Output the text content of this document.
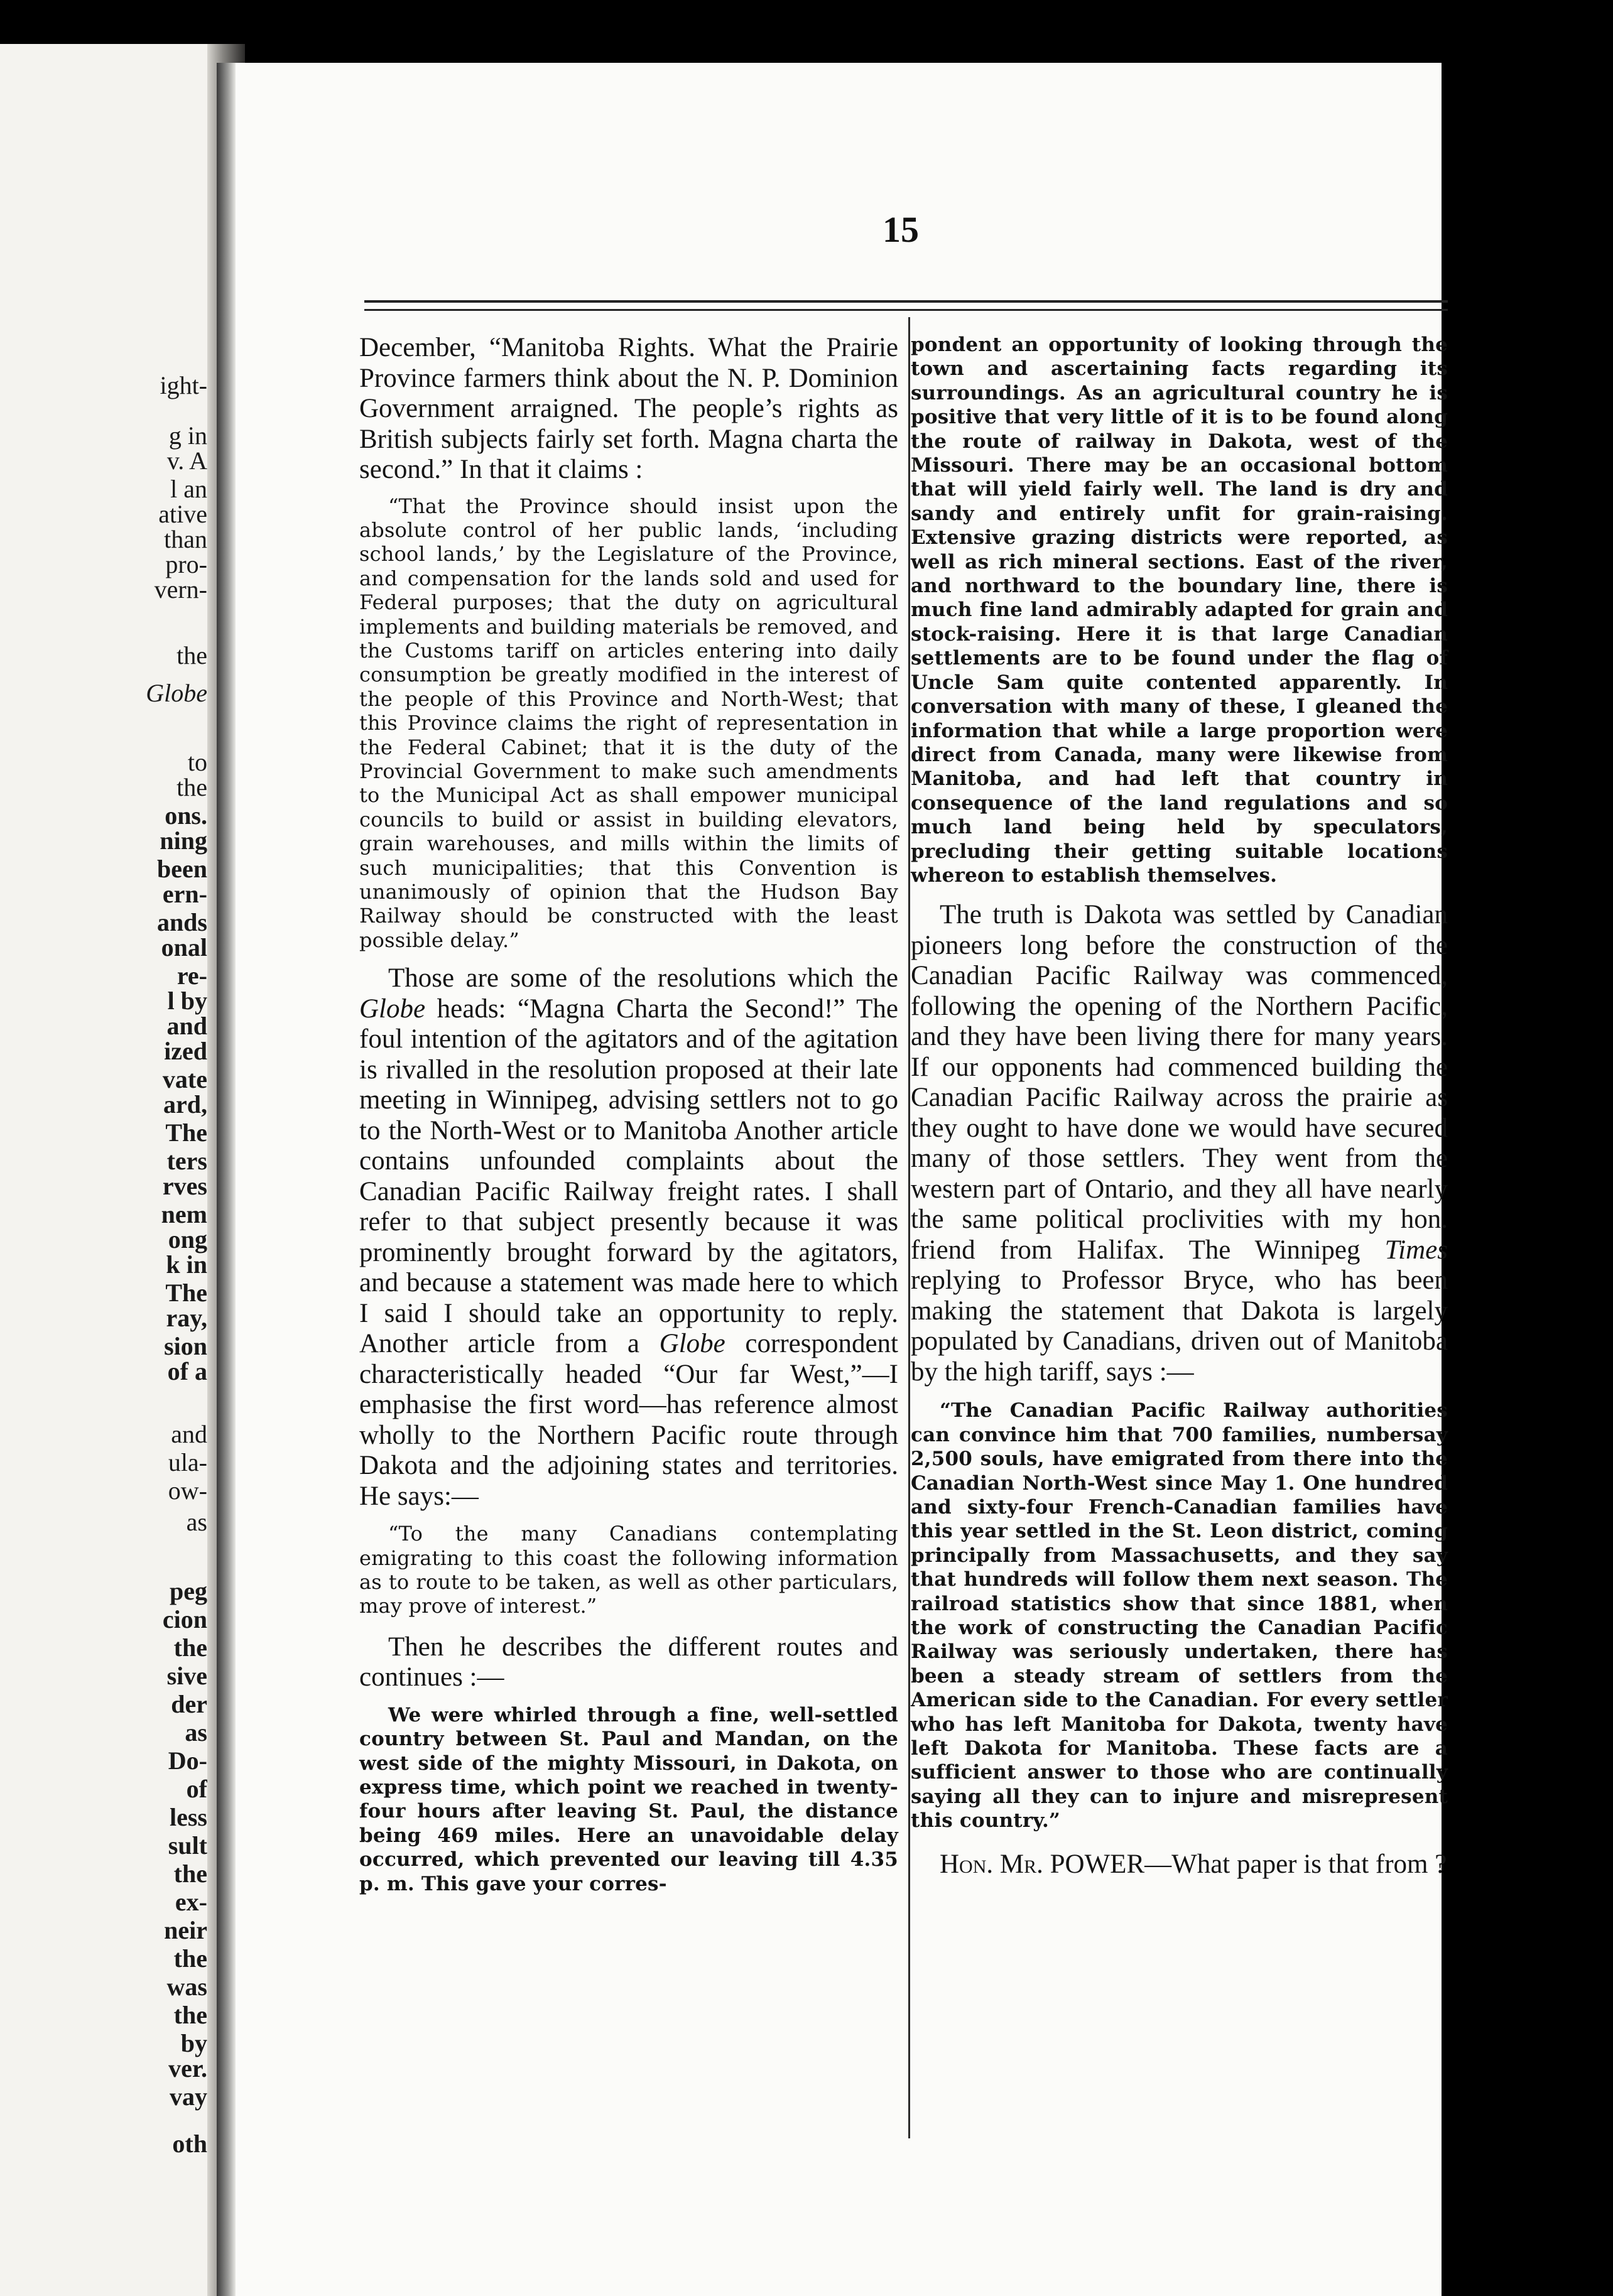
ight-
g in
v. A
l an
ative
than
pro-
vern-
the
Globe
to
the
ons.
ning
been
ern-
ands
onal
re-
l by
and
ized
vate
ard,
The
ters
rves
nem
ong
k in
The
ray,
sion
of a
and
ula-
ow-
as
peg
cion
the
sive
der
as
Do-
of
less
sult
the
ex-
neir
the
was
the
by
ver.
vay
oth
15

December, “Manitoba Rights. What the Prairie Province farmers think about the N. P. Dominion Government arraigned. The people’s rights as British subjects fairly set forth. Magna charta the second.” In that it claims :

“That the Province should insist upon the absolute control of her public lands, ‘including school lands,’ by the Legislature of the Province, and compensation for the lands sold and used for Federal purposes; that the duty on agricultural implements and building materials be removed, and the Customs tariff on articles entering into daily consumption be greatly modified in the interest of the people of this Province and North-West; that this Province claims the right of representation in the Federal Cabinet; that it is the duty of the Provincial Government to make such amendments to the Municipal Act as shall empower municipal councils to build or assist in building elevators, grain warehouses, and mills within the limits of such municipalities; that this Convention is unanimously of opinion that the Hudson Bay Railway should be constructed with the least possible delay.”

Those are some of the resolutions which the Globe heads: “Magna Charta the Second!” The foul intention of the agitators and of the agitation is rivalled in the resolution proposed at their late meeting in Winnipeg, advising settlers not to go to the North-West or to Manitoba Another article contains unfounded complaints about the Canadian Pacific Railway freight rates. I shall refer to that subject presently because it was prominently brought forward by the agitators, and because a statement was made here to which I said I should take an opportunity to reply. Another article from a Globe correspondent characteristically headed “Our far West,”—I emphasise the first word—has reference almost wholly to the Northern Pacific route through Dakota and the adjoining states and territories. He says:—

“To the many Canadians contemplating emigrating to this coast the following information as to route to be taken, as well as other particulars, may prove of interest.”

Then he describes the different routes and continues :—

We were whirled through a fine, well-settled country between St. Paul and Mandan, on the west side of the mighty Missouri, in Dakota, on express time, which point we reached in twenty-four hours after leaving St. Paul, the distance being 469 miles. Here an unavoidable delay occurred, which prevented our leaving till 4.35 p. m. This gave your corres-

pondent an opportunity of looking through the town and ascertaining facts regarding its surroundings. As an agricultural country he is positive that very little of it is to be found along the route of railway in Dakota, west of the Missouri. There may be an occasional bottom that will yield fairly well. The land is dry and sandy and entirely unfit for grain-raising. Extensive grazing districts were reported, as well as rich mineral sections. East of the river, and northward to the boundary line, there is much fine land admirably adapted for grain and stock-raising. Here it is that large Canadian settlements are to be found under the flag of Uncle Sam quite contented apparently. In conversation with many of these, I gleaned the information that while a large proportion were direct from Canada, many were likewise from Manitoba, and had left that country in consequence of the land regulations and so much land being held by speculators, precluding their getting suitable locations whereon to establish themselves.

The truth is Dakota was settled by Canadian pioneers long before the construction of the Canadian Pacific Railway was commenced, following the opening of the Northern Pacific, and they have been living there for many years. If our opponents had commenced building the Canadian Pacific Railway across the prairie as they ought to have done we would have secured many of those settlers. They went from the western part of Ontario, and they all have nearly the same political proclivities with my hon. friend from Halifax. The Winnipeg Times replying to Professor Bryce, who has been making the statement that Dakota is largely populated by Canadians, driven out of Manitoba by the high tariff, says :—

“The Canadian Pacific Railway authorities can convince him that 700 families, numbersay 2,500 souls, have emigrated from there into the Canadian North-West since May 1. One hundred and sixty-four French-Canadian families have this year settled in the St. Leon district, coming principally from Massachusetts, and they say that hundreds will follow them next season. The railroad statistics show that since 1881, when the work of constructing the Canadian Pacific Railway was seriously undertaken, there has been a steady stream of settlers from the American side to the Canadian. For every settler who has left Manitoba for Dakota, twenty have left Dakota for Manitoba. These facts are a sufficient answer to those who are continually saying all they can to injure and misrepresent this country.”

Hon. Mr. POWER—What paper is that from ?
